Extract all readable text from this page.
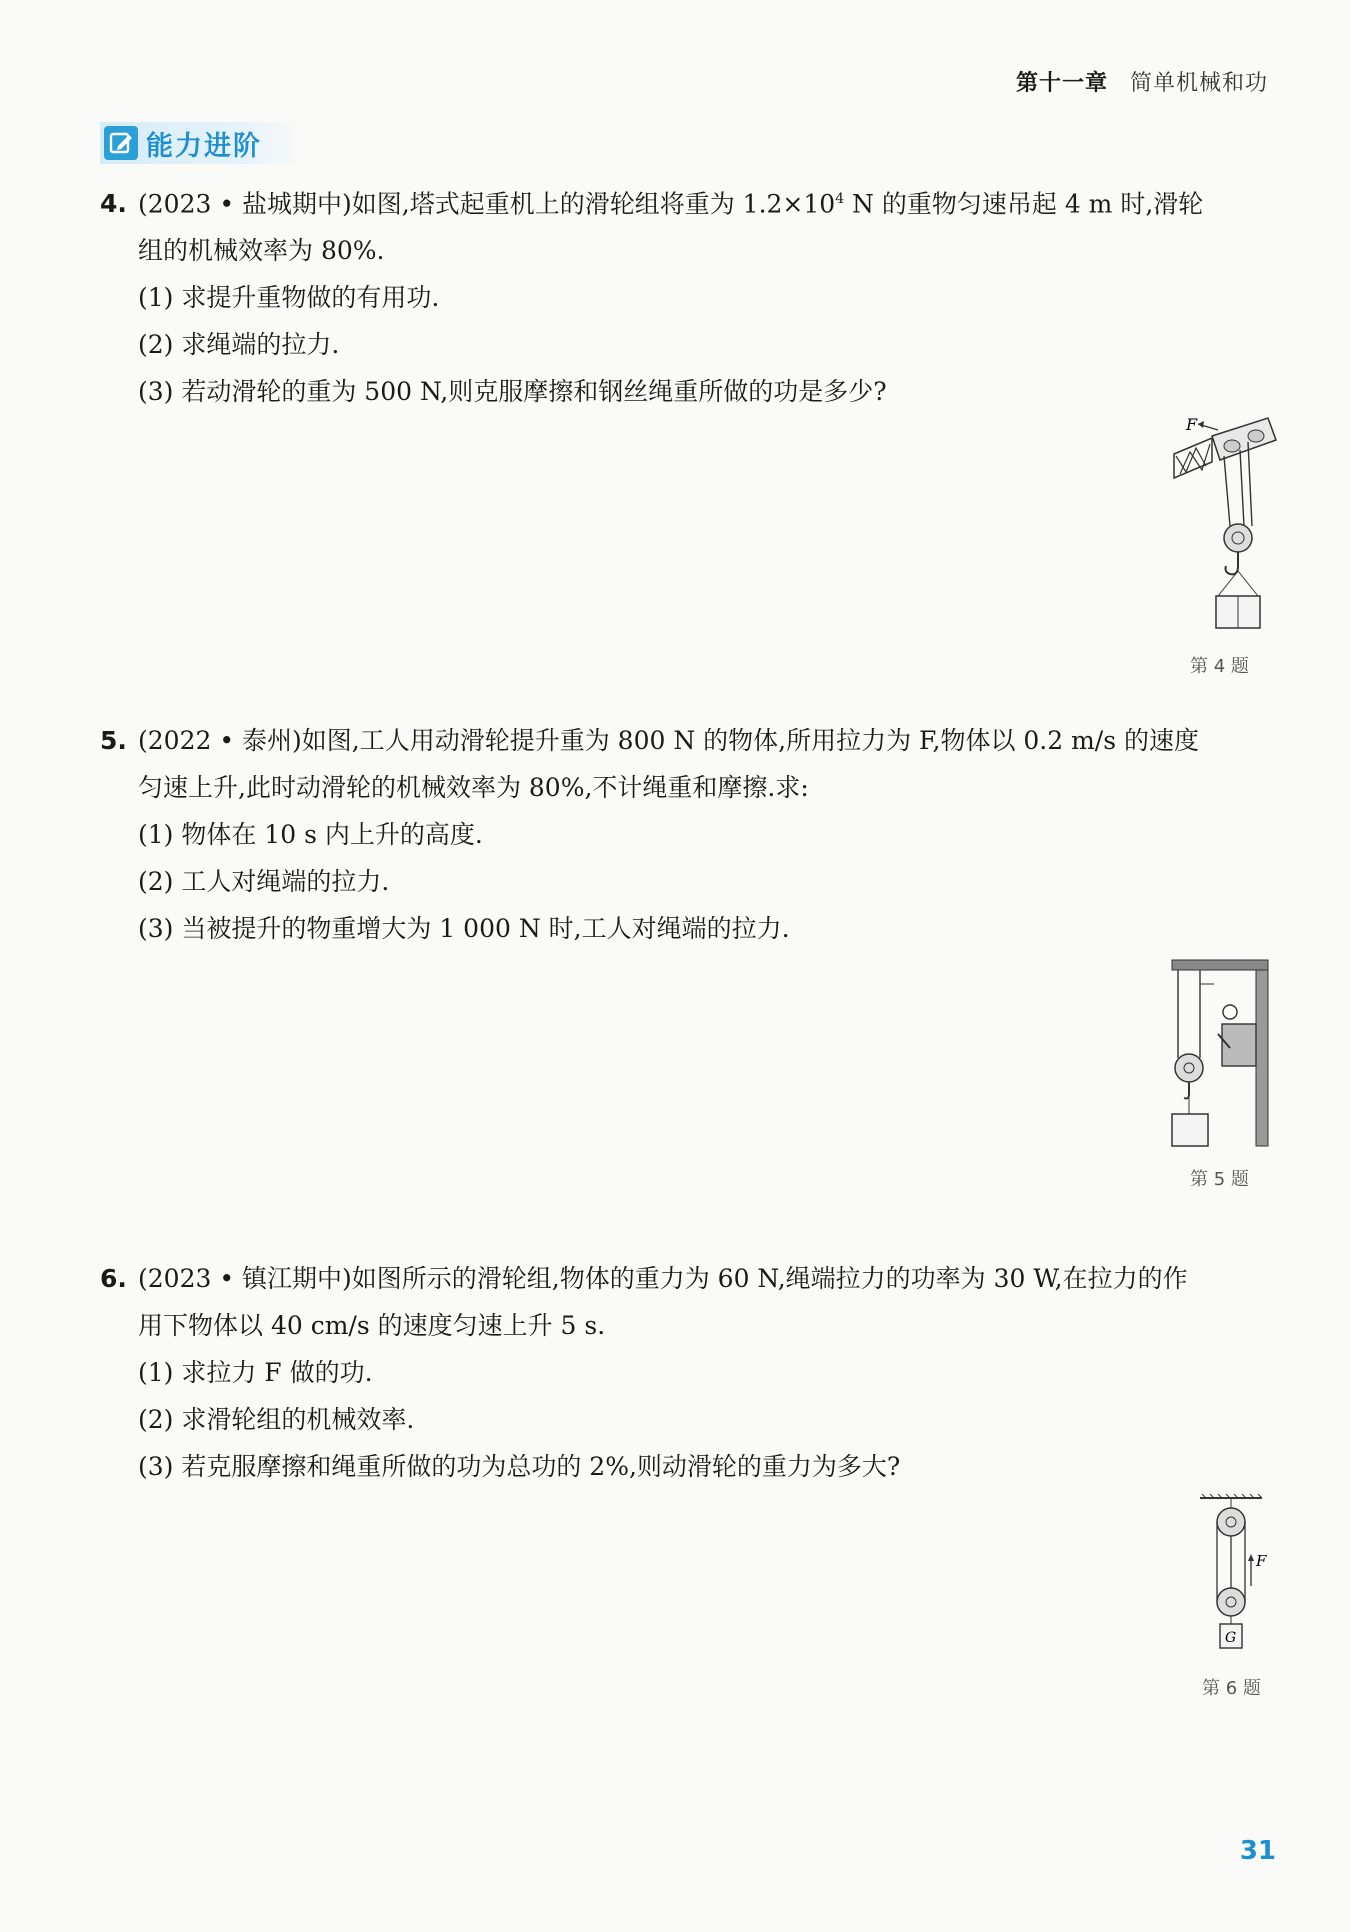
第十一章 简单机械和功
能力进阶
4. (2023 • 盐城期中)如图,塔式起重机上的滑轮组将重为 $1.2\times 10^4$ N 的重物匀速吊起 4 m 时,滑轮
组的机械效率为 80%.
(1) 求提升重物做的有用功.
(2) 求绳端的拉力.
(3) 若动滑轮的重为 500 N,则克服摩擦和钢丝绳重所做的功是多少?
F
第 4 题
5. (2022 • 泰州)如图,工人用动滑轮提升重为 800 N 的物体,所用拉力为 F,物体以 0.2 m/s 的速度
匀速上升,此时动滑轮的机械效率为 80%,不计绳重和摩擦.求:
(1) 物体在 10 s 内上升的高度.
(2) 工人对绳端的拉力.
(3) 当被提升的物重增大为 1 000 N 时,工人对绳端的拉力.
第 5 题
6. (2023 • 镇江期中)如图所示的滑轮组,物体的重力为 60 N,绳端拉力的功率为 30 W,在拉力的作
用下物体以 40 cm/s 的速度匀速上升 5 s.
(1) 求拉力 F 做的功.
(2) 求滑轮组的机械效率.
(3) 若克服摩擦和绳重所做的功为总功的 2%,则动滑轮的重力为多大?
F
G
第 6 题
31
